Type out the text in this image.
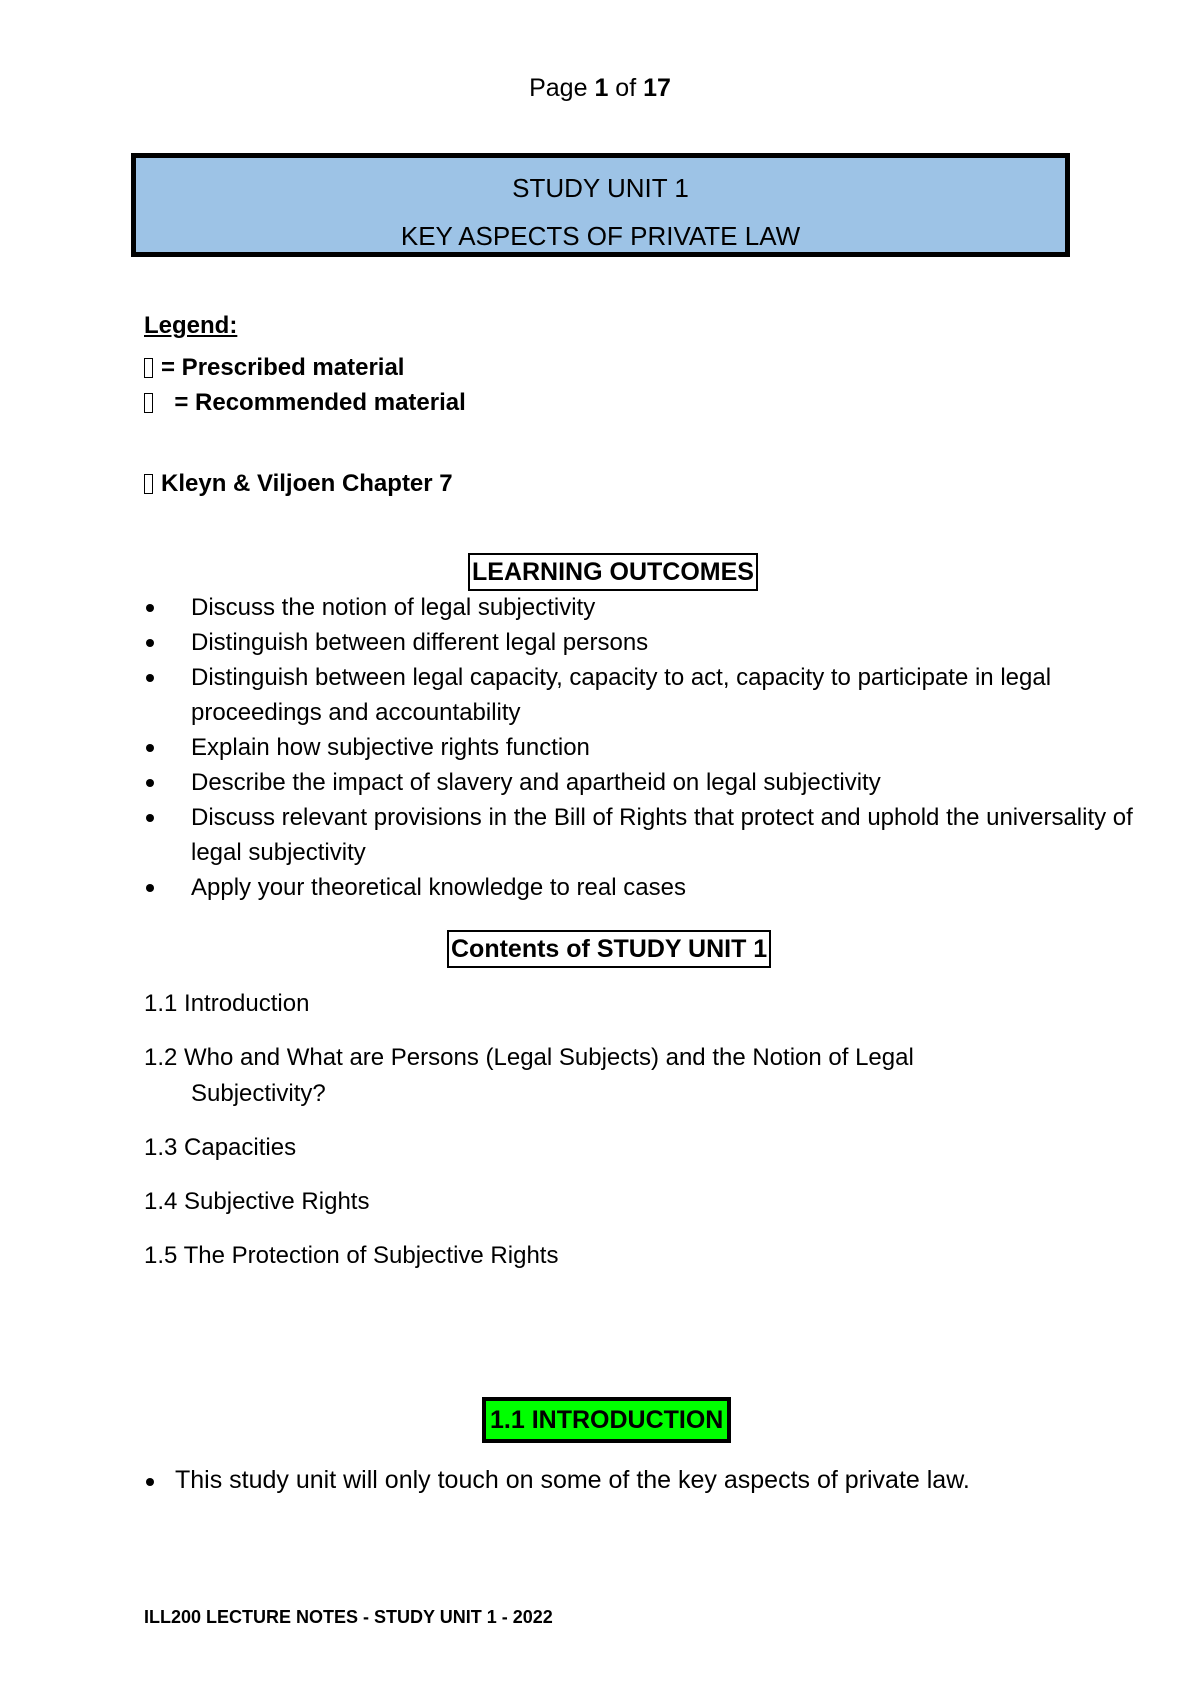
Page 1 of 17
STUDY UNIT 1
KEY ASPECTS OF PRIVATE LAW
Legend:
= Prescribed material
= Recommended material
Kleyn & Viljoen Chapter 7
LEARNING OUTCOMES
Discuss the notion of legal subjectivity
Distinguish between different legal persons
Distinguish between legal capacity, capacity to act, capacity to participate in legal proceedings and accountability
Explain how subjective rights function
Describe the impact of slavery and apartheid on legal subjectivity
Discuss relevant provisions in the Bill of Rights that protect and uphold the universality of legal subjectivity
Apply your theoretical knowledge to real cases
Contents of STUDY UNIT 1
1.1 Introduction
1.2 Who and What are Persons (Legal Subjects) and the Notion of Legal Subjectivity?
1.3 Capacities
1.4 Subjective Rights
1.5 The Protection of Subjective Rights
1.1 INTRODUCTION
This study unit will only touch on some of the key aspects of private law.
ILL200 LECTURE NOTES - STUDY UNIT 1 - 2022
